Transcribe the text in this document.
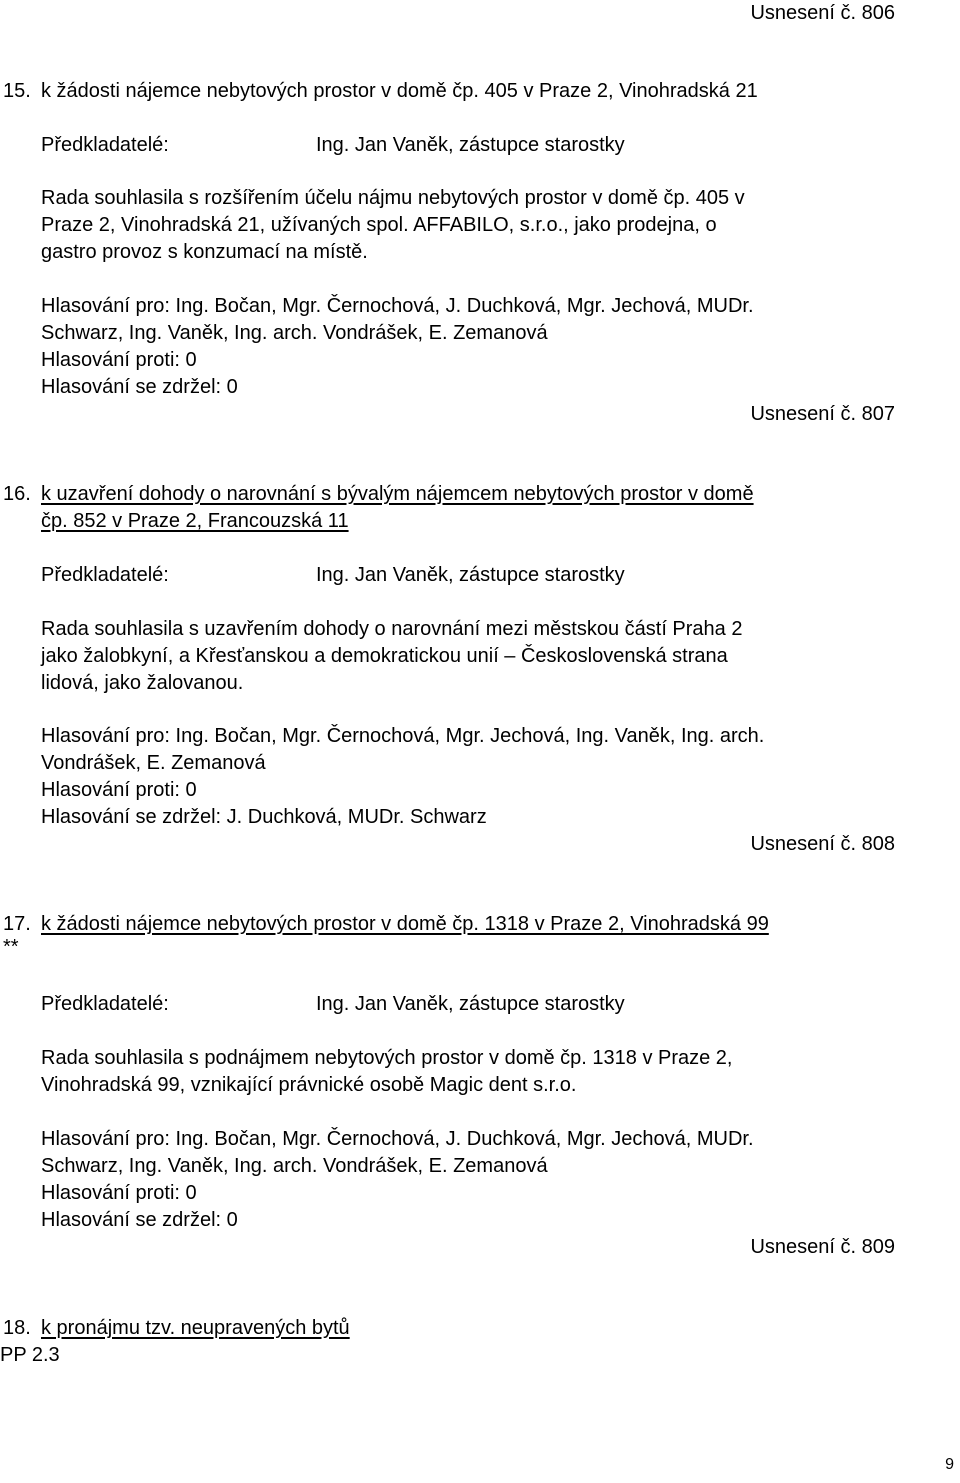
Usnesení č. 806
15. k žádosti nájemce nebytových prostor v domě čp. 405 v Praze 2, Vinohradská 21
Předkladatelé:	Ing. Jan Vaněk, zástupce starostky
Rada souhlasila s rozšířením účelu nájmu nebytových prostor v domě čp. 405 v
Praze 2, Vinohradská 21, užívaných spol. AFFABILO, s.r.o., jako prodejna, o
gastro provoz s konzumací na místě.
Hlasování pro: Ing. Bočan, Mgr. Černochová, J. Duchková, Mgr. Jechová, MUDr.
Schwarz, Ing. Vaněk, Ing. arch. Vondrášek, E. Zemanová
Hlasování proti: 0
Hlasování se zdržel: 0
Usnesení č. 807
16. k uzavření dohody o narovnání s bývalým nájemcem nebytových prostor v domě
čp. 852 v Praze 2, Francouzská 11
Předkladatelé:	Ing. Jan Vaněk, zástupce starostky
Rada souhlasila s uzavřením dohody o narovnání mezi městskou částí Praha 2
jako žalobkyní, a Křesťanskou a demokratickou unií – Československá strana
lidová, jako žalovanou.
Hlasování pro: Ing. Bočan, Mgr. Černochová, Mgr. Jechová, Ing. Vaněk, Ing. arch.
Vondrášek, E. Zemanová
Hlasování proti: 0
Hlasování se zdržel: J. Duchková, MUDr. Schwarz
Usnesení č. 808
17.
**
k žádosti nájemce nebytových prostor v domě čp. 1318 v Praze 2, Vinohradská 99
Předkladatelé:	Ing. Jan Vaněk, zástupce starostky
Rada souhlasila s podnájmem nebytových prostor v domě čp. 1318 v Praze 2,
Vinohradská 99, vznikající právnické osobě Magic dent s.r.o.
Hlasování pro: Ing. Bočan, Mgr. Černochová, J. Duchková, Mgr. Jechová, MUDr.
Schwarz, Ing. Vaněk, Ing. arch. Vondrášek, E. Zemanová
Hlasování proti: 0
Hlasování se zdržel: 0
Usnesení č. 809
18. k pronájmu tzv. neupravených bytů
PP 2.3
9
